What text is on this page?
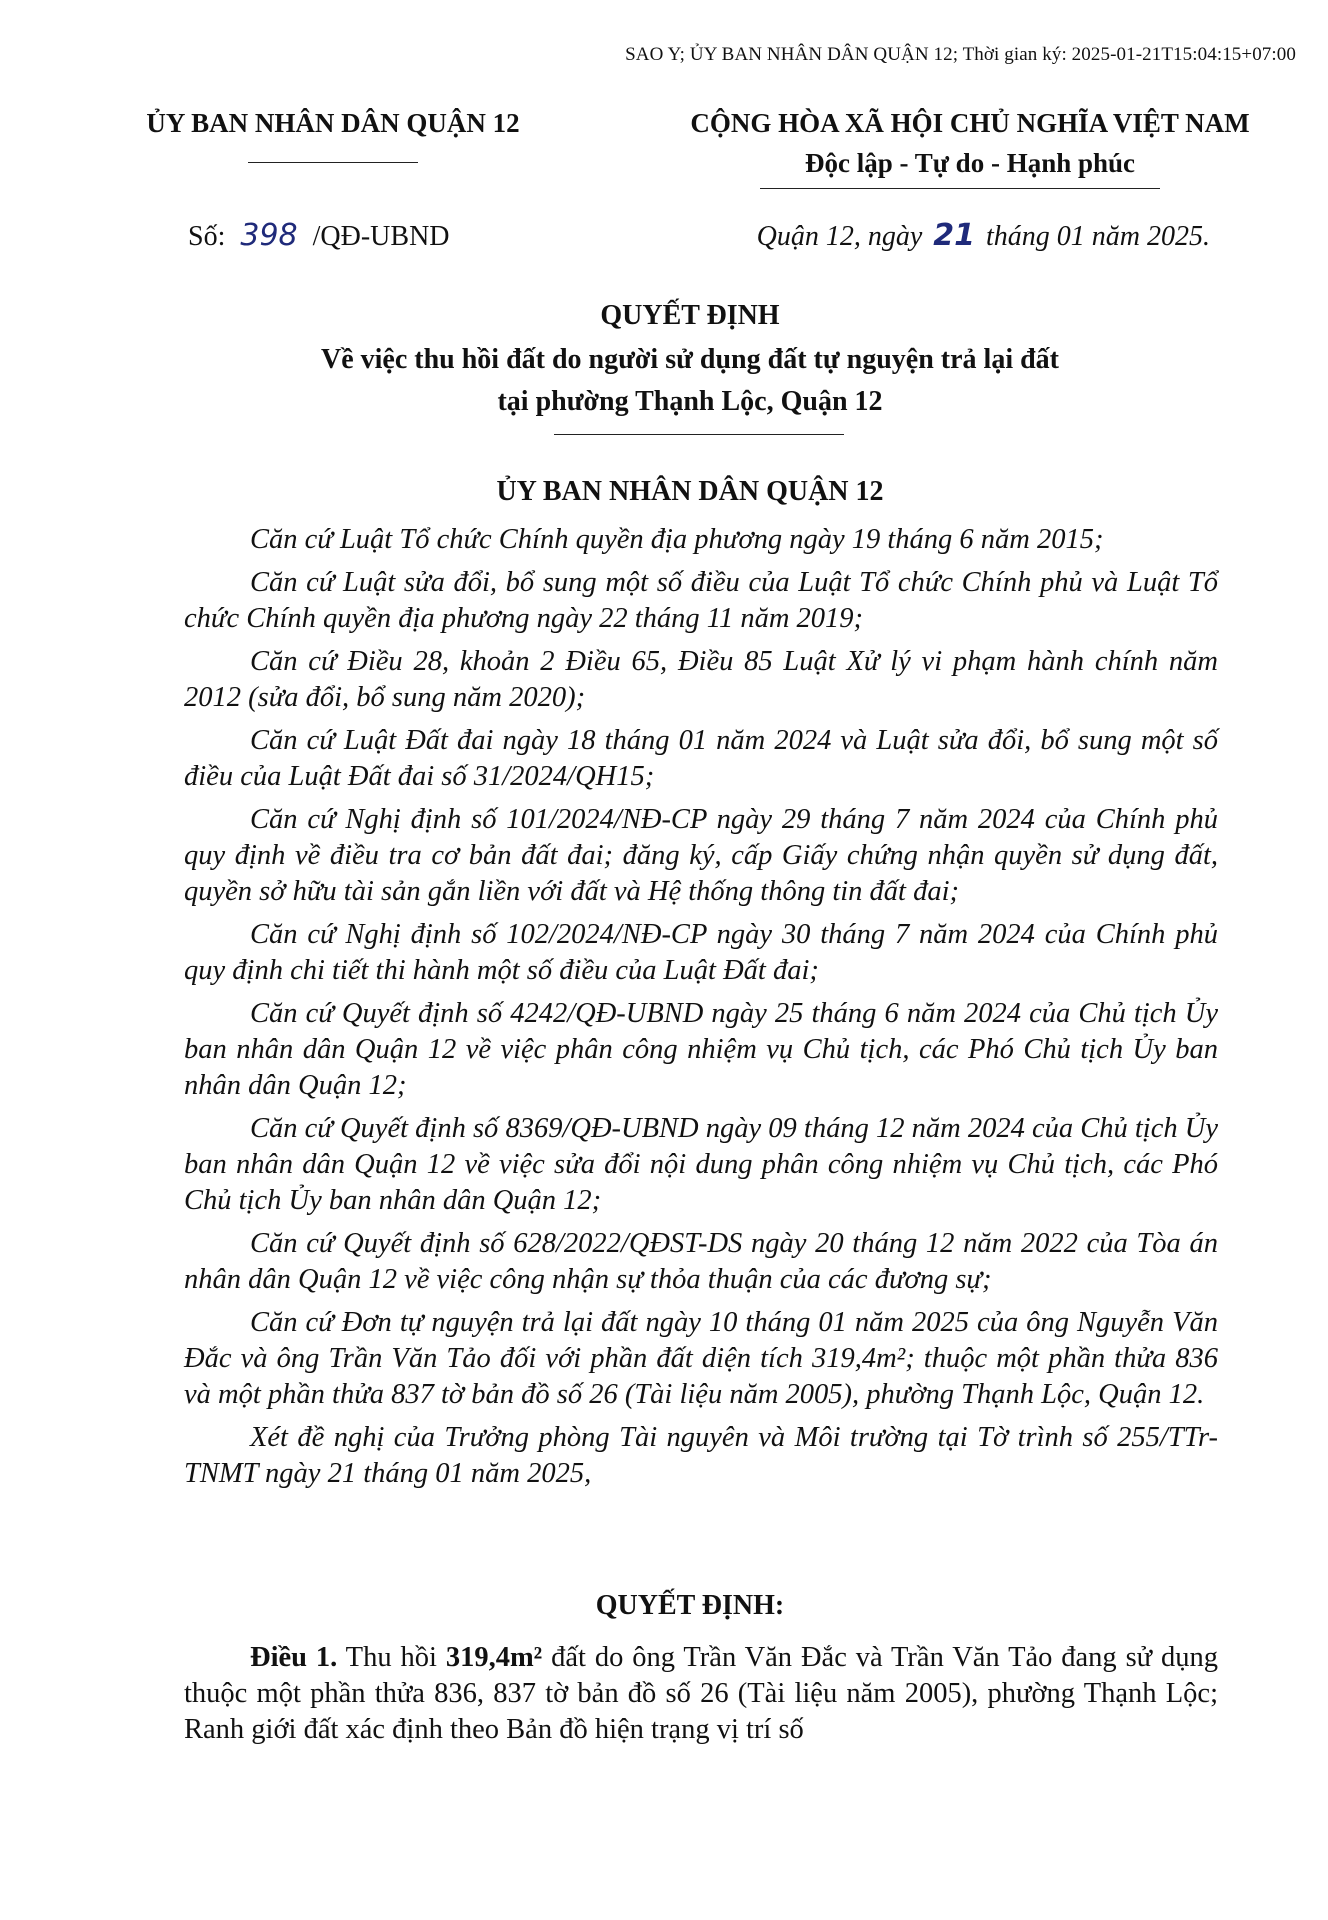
SAO Y; ỦY BAN NHÂN DÂN QUẬN 12; Thời gian ký: 2025-01-21T15:04:15+07:00
ỦY BAN NHÂN DÂN QUẬN 12	CỘNG HÒA XÃ HỘI CHỦ NGHĨA VIỆT NAM
Độc lập - Tự do - Hạnh phúc
Số: 398 /QĐ-UBND	Quận 12, ngày 21 tháng 01 năm 2025.
QUYẾT ĐỊNH
Về việc thu hồi đất do người sử dụng đất tự nguyện trả lại đất
tại phường Thạnh Lộc, Quận 12
ỦY BAN NHÂN DÂN QUẬN 12

Căn cứ Luật Tổ chức Chính quyền địa phương ngày 19 tháng 6 năm 2015;

Căn cứ Luật sửa đổi, bổ sung một số điều của Luật Tổ chức Chính phủ và Luật Tổ chức Chính quyền địa phương ngày 22 tháng 11 năm 2019;

Căn cứ Điều 28, khoản 2 Điều 65, Điều 85 Luật Xử lý vi phạm hành chính năm 2012 (sửa đổi, bổ sung năm 2020);

Căn cứ Luật Đất đai ngày 18 tháng 01 năm 2024 và Luật sửa đổi, bổ sung một số điều của Luật Đất đai số 31/2024/QH15;

Căn cứ Nghị định số 101/2024/NĐ-CP ngày 29 tháng 7 năm 2024 của Chính phủ quy định về điều tra cơ bản đất đai; đăng ký, cấp Giấy chứng nhận quyền sử dụng đất, quyền sở hữu tài sản gắn liền với đất và Hệ thống thông tin đất đai;

Căn cứ Nghị định số 102/2024/NĐ-CP ngày 30 tháng 7 năm 2024 của Chính phủ quy định chi tiết thi hành một số điều của Luật Đất đai;

Căn cứ Quyết định số 4242/QĐ-UBND ngày 25 tháng 6 năm 2024 của Chủ tịch Ủy ban nhân dân Quận 12 về việc phân công nhiệm vụ Chủ tịch, các Phó Chủ tịch Ủy ban nhân dân Quận 12;

Căn cứ Quyết định số 8369/QĐ-UBND ngày 09 tháng 12 năm 2024 của Chủ tịch Ủy ban nhân dân Quận 12 về việc sửa đổi nội dung phân công nhiệm vụ Chủ tịch, các Phó Chủ tịch Ủy ban nhân dân Quận 12;

Căn cứ Quyết định số 628/2022/QĐST-DS ngày 20 tháng 12 năm 2022 của Tòa án nhân dân Quận 12 về việc công nhận sự thỏa thuận của các đương sự;

Căn cứ Đơn tự nguyện trả lại đất ngày 10 tháng 01 năm 2025 của ông Nguyễn Văn Đắc và ông Trần Văn Tảo đối với phần đất diện tích 319,4m²; thuộc một phần thửa 836 và một phần thửa 837 tờ bản đồ số 26 (Tài liệu năm 2005), phường Thạnh Lộc, Quận 12.

Xét đề nghị của Trưởng phòng Tài nguyên và Môi trường tại Tờ trình số 255/TTr-TNMT ngày 21 tháng 01 năm 2025,

QUYẾT ĐỊNH:

Điều 1. Thu hồi 319,4m² đất do ông Trần Văn Đắc và Trần Văn Tảo đang sử dụng thuộc một phần thửa 836, 837 tờ bản đồ số 26 (Tài liệu năm 2005), phường Thạnh Lộc; Ranh giới đất xác định theo Bản đồ hiện trạng vị trí số
